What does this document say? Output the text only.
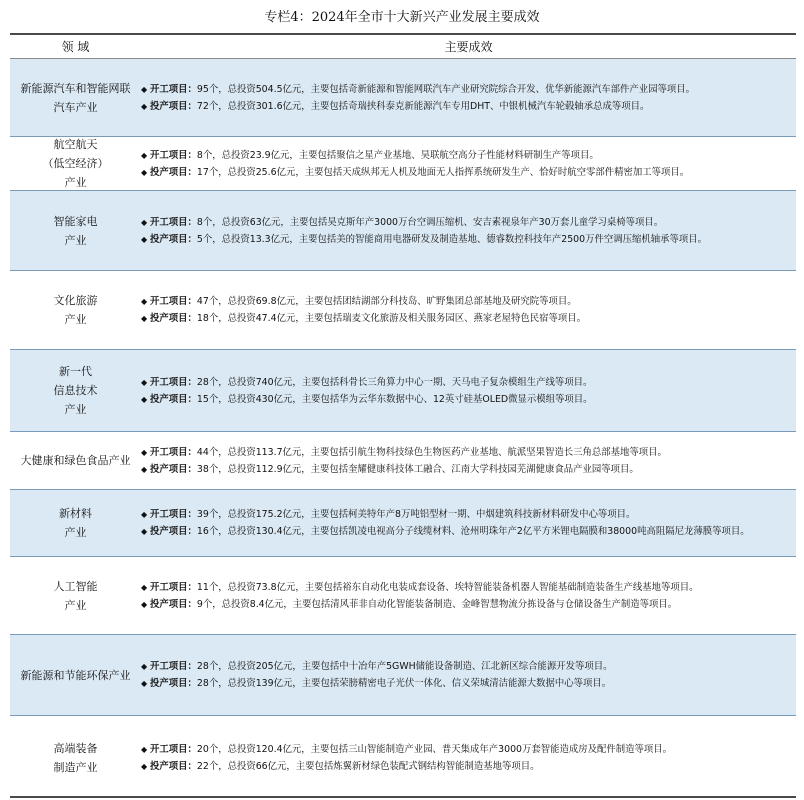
专栏4：2024年全市十大新兴产业发展主要成效
领 域	主要成效
新能源汽车和智能网联
汽车产业
◆ 开工项目： 95个，总投资504.5亿元，主要包括奇新能源和智能网联汽车产业研究院综合开发、优华新能源汽车部件产业园等项目。
◆ 投产项目： 72个，总投资301.6亿元，主要包括奇瑞挟科泰克新能源汽车专用DHT、中银机械汽车轮毂轴承总成等项目。
航空航天
（低空经济）
产业
◆ 开工项目： 8个，总投资23.9亿元，主要包括聚信之星产业基地、昊联航空高分子性能材料研制生产等项目。
◆ 投产项目： 17个，总投资25.6亿元，主要包括天成纵邦无人机及地面无人指挥系统研发生产、恰好时航空零部件精密加工等项目。
智能家电
产业
◆ 开工项目： 8个，总投资63亿元，主要包括昊克斯年产3000万台空调压缩机、安吉素视泉年产30万套儿童学习桌椅等项目。
◆ 投产项目： 5个，总投资13.3亿元，主要包括美的智能商用电器研发及制造基地、德睿数控科技年产2500万件空调压缩机轴承等项目。
文化旅游
产业
◆ 开工项目： 47个，总投资69.8亿元，主要包括团结湖部分科技岛、旷野集团总部基地及研究院等项目。
◆ 投产项目： 18个，总投资47.4亿元，主要包括瑞麦文化旅游及相关服务园区、燕家老屋特色民宿等项目。
新一代
信息技术
产业
◆ 开工项目： 28个，总投资740亿元，主要包括科骨长三角算力中心一期、天马电子复杂模组生产线等项目。
◆ 投产项目： 15个，总投资430亿元，主要包括华为云华东数据中心、12英寸硅基OLED微显示模组等项目。
大健康和绿色食品产业
◆ 开工项目： 44个，总投资113.7亿元，主要包括引航生物科技绿色生物医药产业基地、航派坚果智造长三角总部基地等项目。
◆ 投产项目： 38个，总投资112.9亿元，主要包括奎耀健康科技体工融合、江南大学科技园芜湖健康食品产业园等项目。
新材料
产业
◆ 开工项目： 39个，总投资175.2亿元，主要包括柯美特年产8万吨铝型材一期、中烟建筑科技新材料研发中心等项目。
◆ 投产项目： 16个，总投资130.4亿元，主要包括凯凌电视高分子线缆材料、沧州明珠年产2亿平方米锂电隔膜和38000吨高阻隔尼龙薄膜等项目。
人工智能
产业
◆ 开工项目： 11个，总投资73.8亿元，主要包括裕东自动化电装成套设备、埃特智能装备机器人智能基础制造装备生产线基地等项目。
◆ 投产项目： 9个，总投资8.4亿元，主要包括清风菲非自动化智能装备制造、金峰智慧物流分拣设备与仓储设备生产制造等项目。
新能源和节能环保产业
◆ 开工项目： 28个，总投资205亿元，主要包括中十冶年产5GWH储能设备制造、江北新区综合能源开发等项目。
◆ 投产项目： 28个，总投资139亿元，主要包括荣膀精密电子光伏一体化、信义荣城清洁能源大数据中心等项目。
高端装备
制造产业
◆ 开工项目： 20个，总投资120.4亿元，主要包括三山智能制造产业园、普天集成年产3000万套智能造成房及配件制造等项目。
◆ 投产项目： 22个，总投资66亿元，主要包括炼翼新材绿色装配式钢结构智能制造基地等项目。
